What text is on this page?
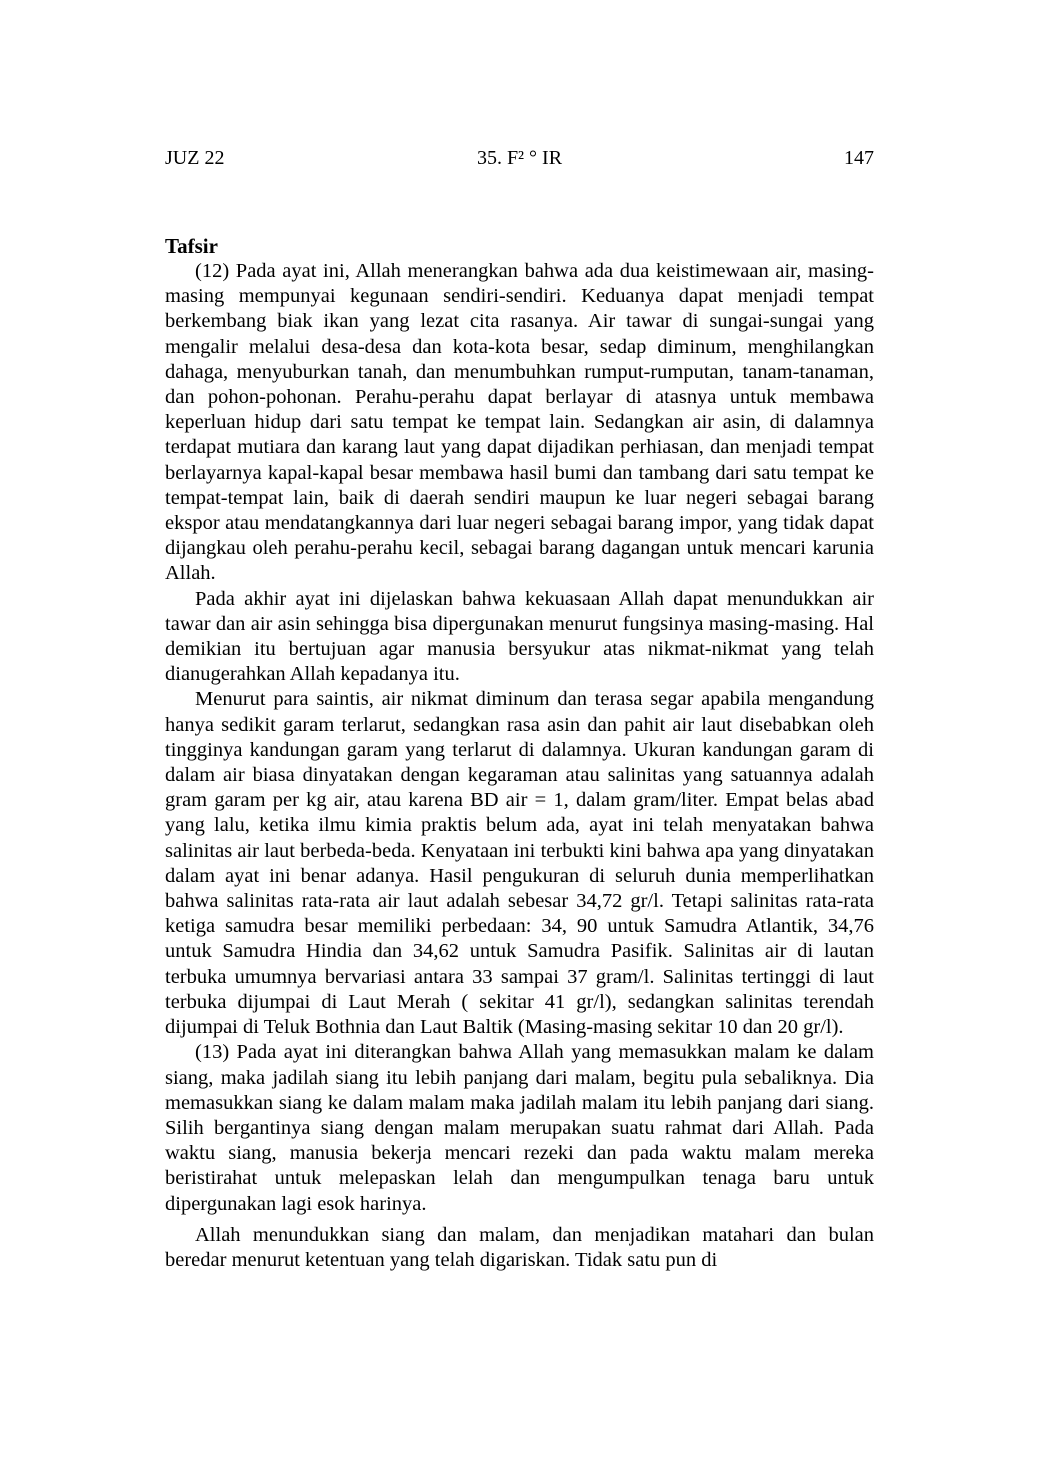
JUZ 22	35. F² ° IR	147
Tafsir

(12) Pada ayat ini, Allah menerangkan bahwa ada dua keistimewaan air, masing-masing mempunyai kegunaan sendiri-sendiri. Keduanya dapat menjadi tempat berkembang biak ikan yang lezat cita rasanya. Air tawar di sungai-sungai yang mengalir melalui desa-desa dan kota-kota besar, sedap diminum, menghilangkan dahaga, menyuburkan tanah, dan menumbuhkan rumput-rumputan, tanam-tanaman, dan pohon-pohonan. Perahu-perahu dapat berlayar di atasnya untuk membawa keperluan hidup dari satu tempat ke tempat lain. Sedangkan air asin, di dalamnya terdapat mutiara dan karang laut yang dapat dijadikan perhiasan, dan menjadi tempat berlayarnya kapal-kapal besar membawa hasil bumi dan tambang dari satu tempat ke tempat-tempat lain, baik di daerah sendiri maupun ke luar negeri sebagai barang ekspor atau mendatangkannya dari luar negeri sebagai barang impor, yang tidak dapat dijangkau oleh perahu-perahu kecil, sebagai barang dagangan untuk mencari karunia Allah.

Pada akhir ayat ini dijelaskan bahwa kekuasaan Allah dapat menundukkan air tawar dan air asin sehingga bisa dipergunakan menurut fungsinya masing-masing. Hal demikian itu bertujuan agar manusia bersyukur atas nikmat-nikmat yang telah dianugerahkan Allah kepadanya itu.

Menurut para saintis, air nikmat diminum dan terasa segar apabila mengandung hanya sedikit garam terlarut, sedangkan rasa asin dan pahit air laut disebabkan oleh tingginya kandungan garam yang terlarut di dalamnya. Ukuran kandungan garam di dalam air biasa dinyatakan dengan kegaraman atau salinitas yang satuannya adalah gram garam per kg air, atau karena BD air = 1, dalam gram/liter. Empat belas abad yang lalu, ketika ilmu kimia praktis belum ada, ayat ini telah menyatakan bahwa salinitas air laut berbeda-beda. Kenyataan ini terbukti kini bahwa apa yang dinyatakan dalam ayat ini benar adanya. Hasil pengukuran di seluruh dunia memperlihatkan bahwa salinitas rata-rata air laut adalah sebesar 34,72 gr/l. Tetapi salinitas rata-rata ketiga samudra besar memiliki perbedaan: 34, 90 untuk Samudra Atlantik, 34,76 untuk Samudra Hindia dan 34,62 untuk Samudra Pasifik. Salinitas air di lautan terbuka umumnya bervariasi antara 33 sampai 37 gram/l. Salinitas tertinggi di laut terbuka dijumpai di Laut Merah ( sekitar 41 gr/l), sedangkan salinitas terendah dijumpai di Teluk Bothnia dan Laut Baltik (Masing-masing sekitar 10 dan 20 gr/l).

(13) Pada ayat ini diterangkan bahwa Allah yang memasukkan malam ke dalam siang, maka jadilah siang itu lebih panjang dari malam, begitu pula sebaliknya. Dia memasukkan siang ke dalam malam maka jadilah malam itu lebih panjang dari siang. Silih bergantinya siang dengan malam merupakan suatu rahmat dari Allah. Pada waktu siang, manusia bekerja mencari rezeki dan pada waktu malam mereka beristirahat untuk melepaskan lelah dan mengumpulkan tenaga baru untuk dipergunakan lagi esok harinya.

Allah menundukkan siang dan malam, dan menjadikan matahari dan bulan beredar menurut ketentuan yang telah digariskan. Tidak satu pun di
